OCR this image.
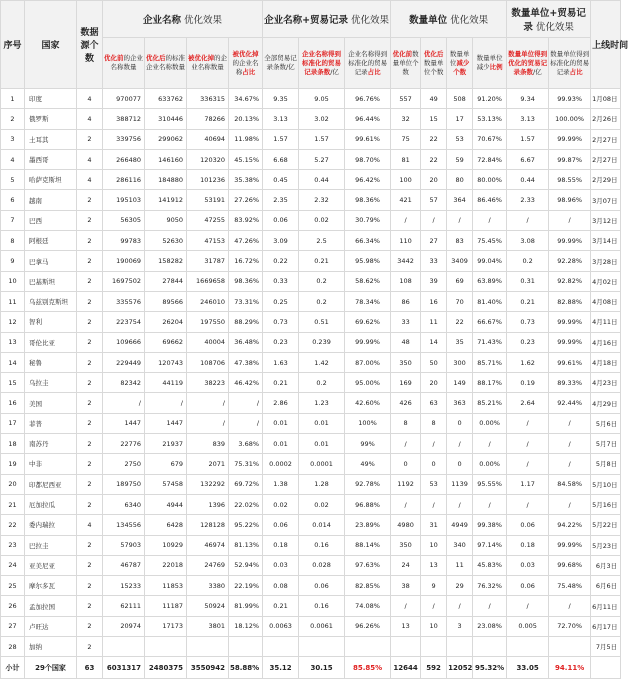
序号	国家	数据源个数	企业名称 优化效果				企业名称+贸易记录 优化效果			数量单位 优化效果				数量单位+贸易记录 优化效果		上线时间
			优化前的企业名称数量	优化后的标准企业名称数量	被优化掉的企业名称数量	被优化掉的企业名称占比	全部贸易记录条数/亿	企业名称得到标准化的贸易记录条数/亿	企业名称得到标准化的贸易记录占比	优化前数量单位个数	优化后数量单位个数	数量单位减少个数	数量单位减少比例	数量单位得到优化的贸易记录条数/亿	数量单位得到标准化的贸易记录占比	
1	印度	4	970077	633762	336315	34.67%	9.35	9.05	96.76%	557	49	508	91.20%	9.34	99.93%	1月08日
2	俄罗斯	4	388712	310446	78266	20.13%	3.13	3.02	96.44%	32	15	17	53.13%	3.13	100.00%	2月26日
3	土耳其	2	339756	299062	40694	11.98%	1.57	1.57	99.61%	75	22	53	70.67%	1.57	99.99%	2月27日
4	墨西哥	4	266480	146160	120320	45.15%	6.68	5.27	98.70%	81	22	59	72.84%	6.67	99.87%	2月27日
5	哈萨克斯坦	4	286116	184880	101236	35.38%	0.45	0.44	96.42%	100	20	80	80.00%	0.44	98.55%	2月29日
6	越南	2	195103	141912	53191	27.26%	2.35	2.32	98.36%	421	57	364	86.46%	2.33	98.96%	3月07日
7	巴西	2	56305	9050	47255	83.92%	0.06	0.02	30.79%	/	/	/	/	/	/	3月12日
8	阿根廷	2	99783	52630	47153	47.26%	3.09	2.5	66.34%	110	27	83	75.45%	3.08	99.99%	3月14日
9	巴拿马	2	190069	158282	31787	16.72%	0.22	0.21	95.98%	3442	33	3409	99.04%	0.2	92.28%	3月28日
10	巴基斯坦	2	1697502	27844	1669658	98.36%	0.33	0.2	58.62%	108	39	69	63.89%	0.31	92.82%	4月02日
11	乌兹别克斯坦	2	335576	89566	246010	73.31%	0.25	0.2	78.34%	86	16	70	81.40%	0.21	82.88%	4月08日
12	智利	2	223754	26204	197550	88.29%	0.73	0.51	69.62%	33	11	22	66.67%	0.73	99.99%	4月11日
13	哥伦比亚	2	109666	69662	40004	36.48%	0.23	0.239	99.99%	48	14	35	71.43%	0.23	99.99%	4月16日
14	秘鲁	2	229449	120743	108706	47.38%	1.63	1.42	87.00%	350	50	300	85.71%	1.62	99.61%	4月18日
15	乌拉圭	2	82342	44119	38223	46.42%	0.21	0.2	95.00%	169	20	149	88.17%	0.19	89.33%	4月23日
16	美国	2	/	/	/	/	2.86	1.23	42.60%	426	63	363	85.21%	2.64	92.44%	4月29日
17	菲普	2	1447	1447	/	/	0.01	0.01	100%	8	8	0	0.00%	/	/	5月6日
18	南苏丹	2	22776	21937	839	3.68%	0.01	0.01	99%	/	/	/	/	/	/	5月7日
19	中非	2	2750	679	2071	75.31%	0.0002	0.0001	49%	0	0	0	0.00%	/	/	5月8日
20	印都尼西亚	2	189750	57458	132292	69.72%	1.38	1.28	92.78%	1192	53	1139	95.55%	1.17	84.58%	5月10日
21	厄加拉瓜	2	6340	4944	1396	22.02%	0.02	0.02	96.88%	/	/	/	/	/	/	5月16日
22	委内瑞拉	4	134556	6428	128128	95.22%	0.06	0.014	23.89%	4980	31	4949	99.38%	0.06	94.22%	5月22日
23	巴拉圭	2	57903	10929	46974	81.13%	0.18	0.16	88.14%	350	10	340	97.14%	0.18	99.99%	5月23日
24	亚美尼亚	2	46787	22018	24769	52.94%	0.03	0.028	97.63%	24	13	11	45.83%	0.03	99.68%	6月3日
25	摩尔多瓦	2	15233	11853	3380	22.19%	0.08	0.06	82.85%	38	9	29	76.32%	0.06	75.48%	6月6日
26	孟加拉国	2	62111	11187	50924	81.99%	0.21	0.16	74.08%	/	/	/	/	/	/	6月11日
27	卢旺达	2	20974	17173	3801	18.12%	0.0063	0.0061	96.26%	13	10	3	23.08%	0.005	72.70%	6月17日
28	加纳	2														7月5日
小计	29个国家	63	6031317	2480375	3550942	58.88%	35.12	30.15	85.85%	12644	592	12052	95.32%	33.05	94.11%	
